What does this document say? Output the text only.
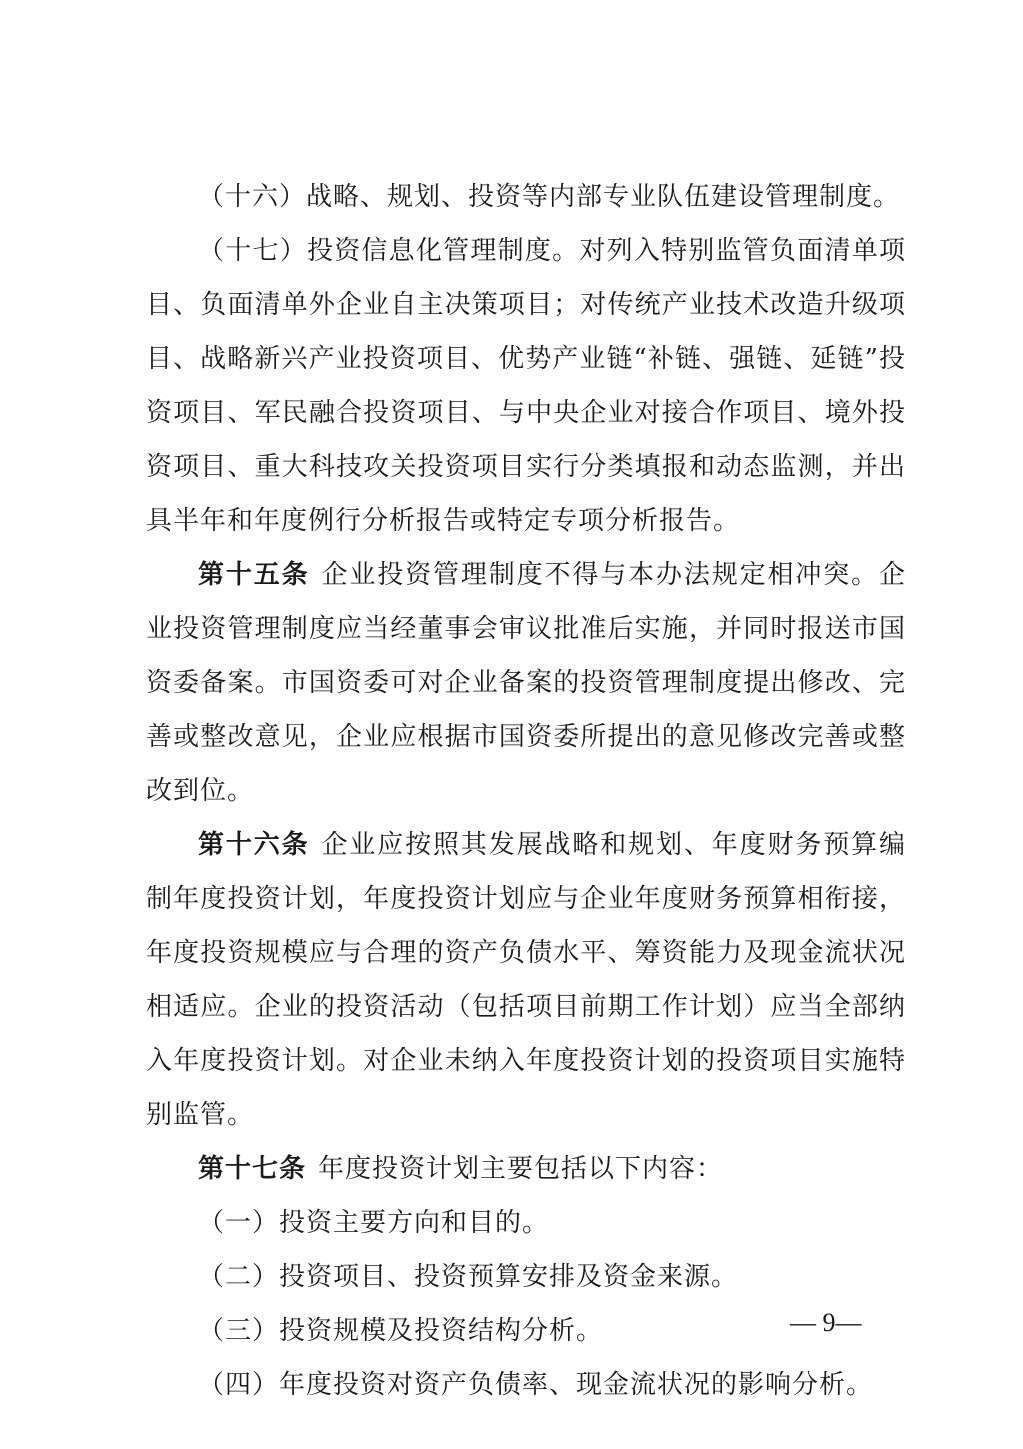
（十六）战略、规划、投资等内部专业队伍建设管理制度。

（十七）投资信息化管理制度。对列入特别监管负面清单项目、负面清单外企业自主决策项目；对传统产业技术改造升级项目、战略新兴产业投资项目、优势产业链“补链、强链、延链”投资项目、军民融合投资项目、与中央企业对接合作项目、境外投资项目、重大科技攻关投资项目实行分类填报和动态监测，并出具半年和年度例行分析报告或特定专项分析报告。

第十五条 企业投资管理制度不得与本办法规定相冲突。企业投资管理制度应当经董事会审议批准后实施，并同时报送市国资委备案。市国资委可对企业备案的投资管理制度提出修改、完善或整改意见，企业应根据市国资委所提出的意见修改完善或整改到位。

第十六条 企业应按照其发展战略和规划、年度财务预算编制年度投资计划，年度投资计划应与企业年度财务预算相衔接，年度投资规模应与合理的资产负债水平、筹资能力及现金流状况相适应。企业的投资活动（包括项目前期工作计划）应当全部纳入年度投资计划。对企业未纳入年度投资计划的投资项目实施特别监管。

第十七条 年度投资计划主要包括以下内容：

（一）投资主要方向和目的。

（二）投资项目、投资预算安排及资金来源。

（三）投资规模及投资结构分析。

（四）年度投资对资产负债率、现金流状况的影响分析。

— 9—
